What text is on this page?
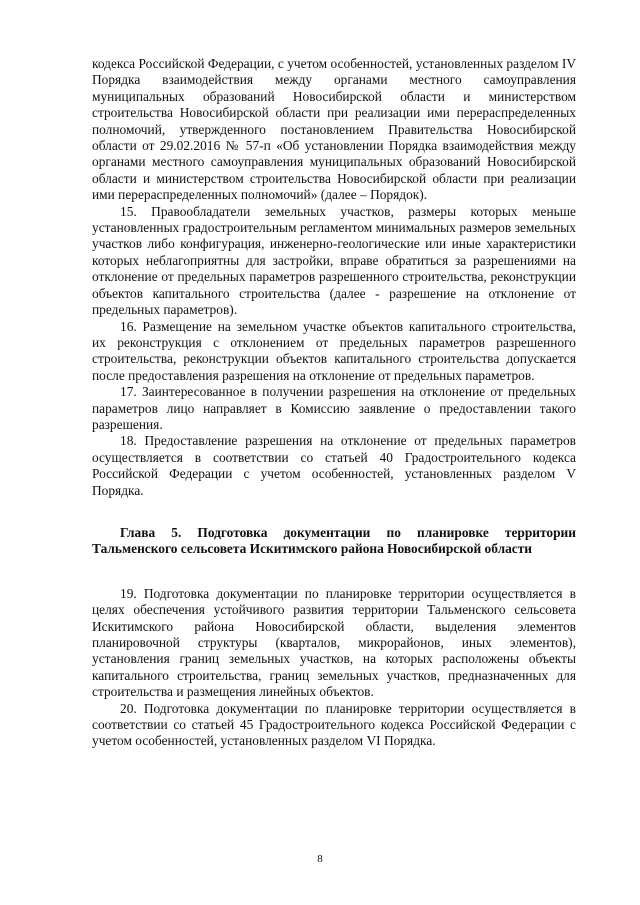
кодекса Российской Федерации, с учетом особенностей, установленных разделом IV Порядка взаимодействия между органами местного самоуправления муниципальных образований Новосибирской области и министерством строительства Новосибирской области при реализации ими перераспределенных полномочий, утвержденного постановлением Правительства Новосибирской области от 29.02.2016 № 57-п «Об установлении Порядка взаимодействия между органами местного самоуправления муниципальных образований Новосибирской области и министерством строительства Новосибирской области при реализации ими перераспределенных полномочий» (далее – Порядок).

15. Правообладатели земельных участков, размеры которых меньше установленных градостроительным регламентом минимальных размеров земельных участков либо конфигурация, инженерно-геологические или иные характеристики которых неблагоприятны для застройки, вправе обратиться за разрешениями на отклонение от предельных параметров разрешенного строительства, реконструкции объектов капитального строительства (далее - разрешение на отклонение от предельных параметров).

16. Размещение на земельном участке объектов капитального строительства, их реконструкция с отклонением от предельных параметров разрешенного строительства, реконструкции объектов капитального строительства допускается после предоставления разрешения на отклонение от предельных параметров.

17. Заинтересованное в получении разрешения на отклонение от предельных параметров лицо направляет в Комиссию заявление о предоставлении такого разрешения.

18. Предоставление разрешения на отклонение от предельных параметров осуществляется в соответствии со статьей 40 Градостроительного кодекса Российской Федерации с учетом особенностей, установленных разделом V Порядка.

Глава 5. Подготовка документации по планировке территории Тальменского сельсовета Искитимского района Новосибирской области

19. Подготовка документации по планировке территории осуществляется в целях обеспечения устойчивого развития территории Тальменского сельсовета Искитимского района Новосибирской области, выделения элементов планировочной структуры (кварталов, микрорайонов, иных элементов), установления границ земельных участков, на которых расположены объекты капитального строительства, границ земельных участков, предназначенных для строительства и размещения линейных объектов.

20. Подготовка документации по планировке территории осуществляется в соответствии со статьей 45 Градостроительного кодекса Российской Федерации с учетом особенностей, установленных разделом VI Порядка.

8
